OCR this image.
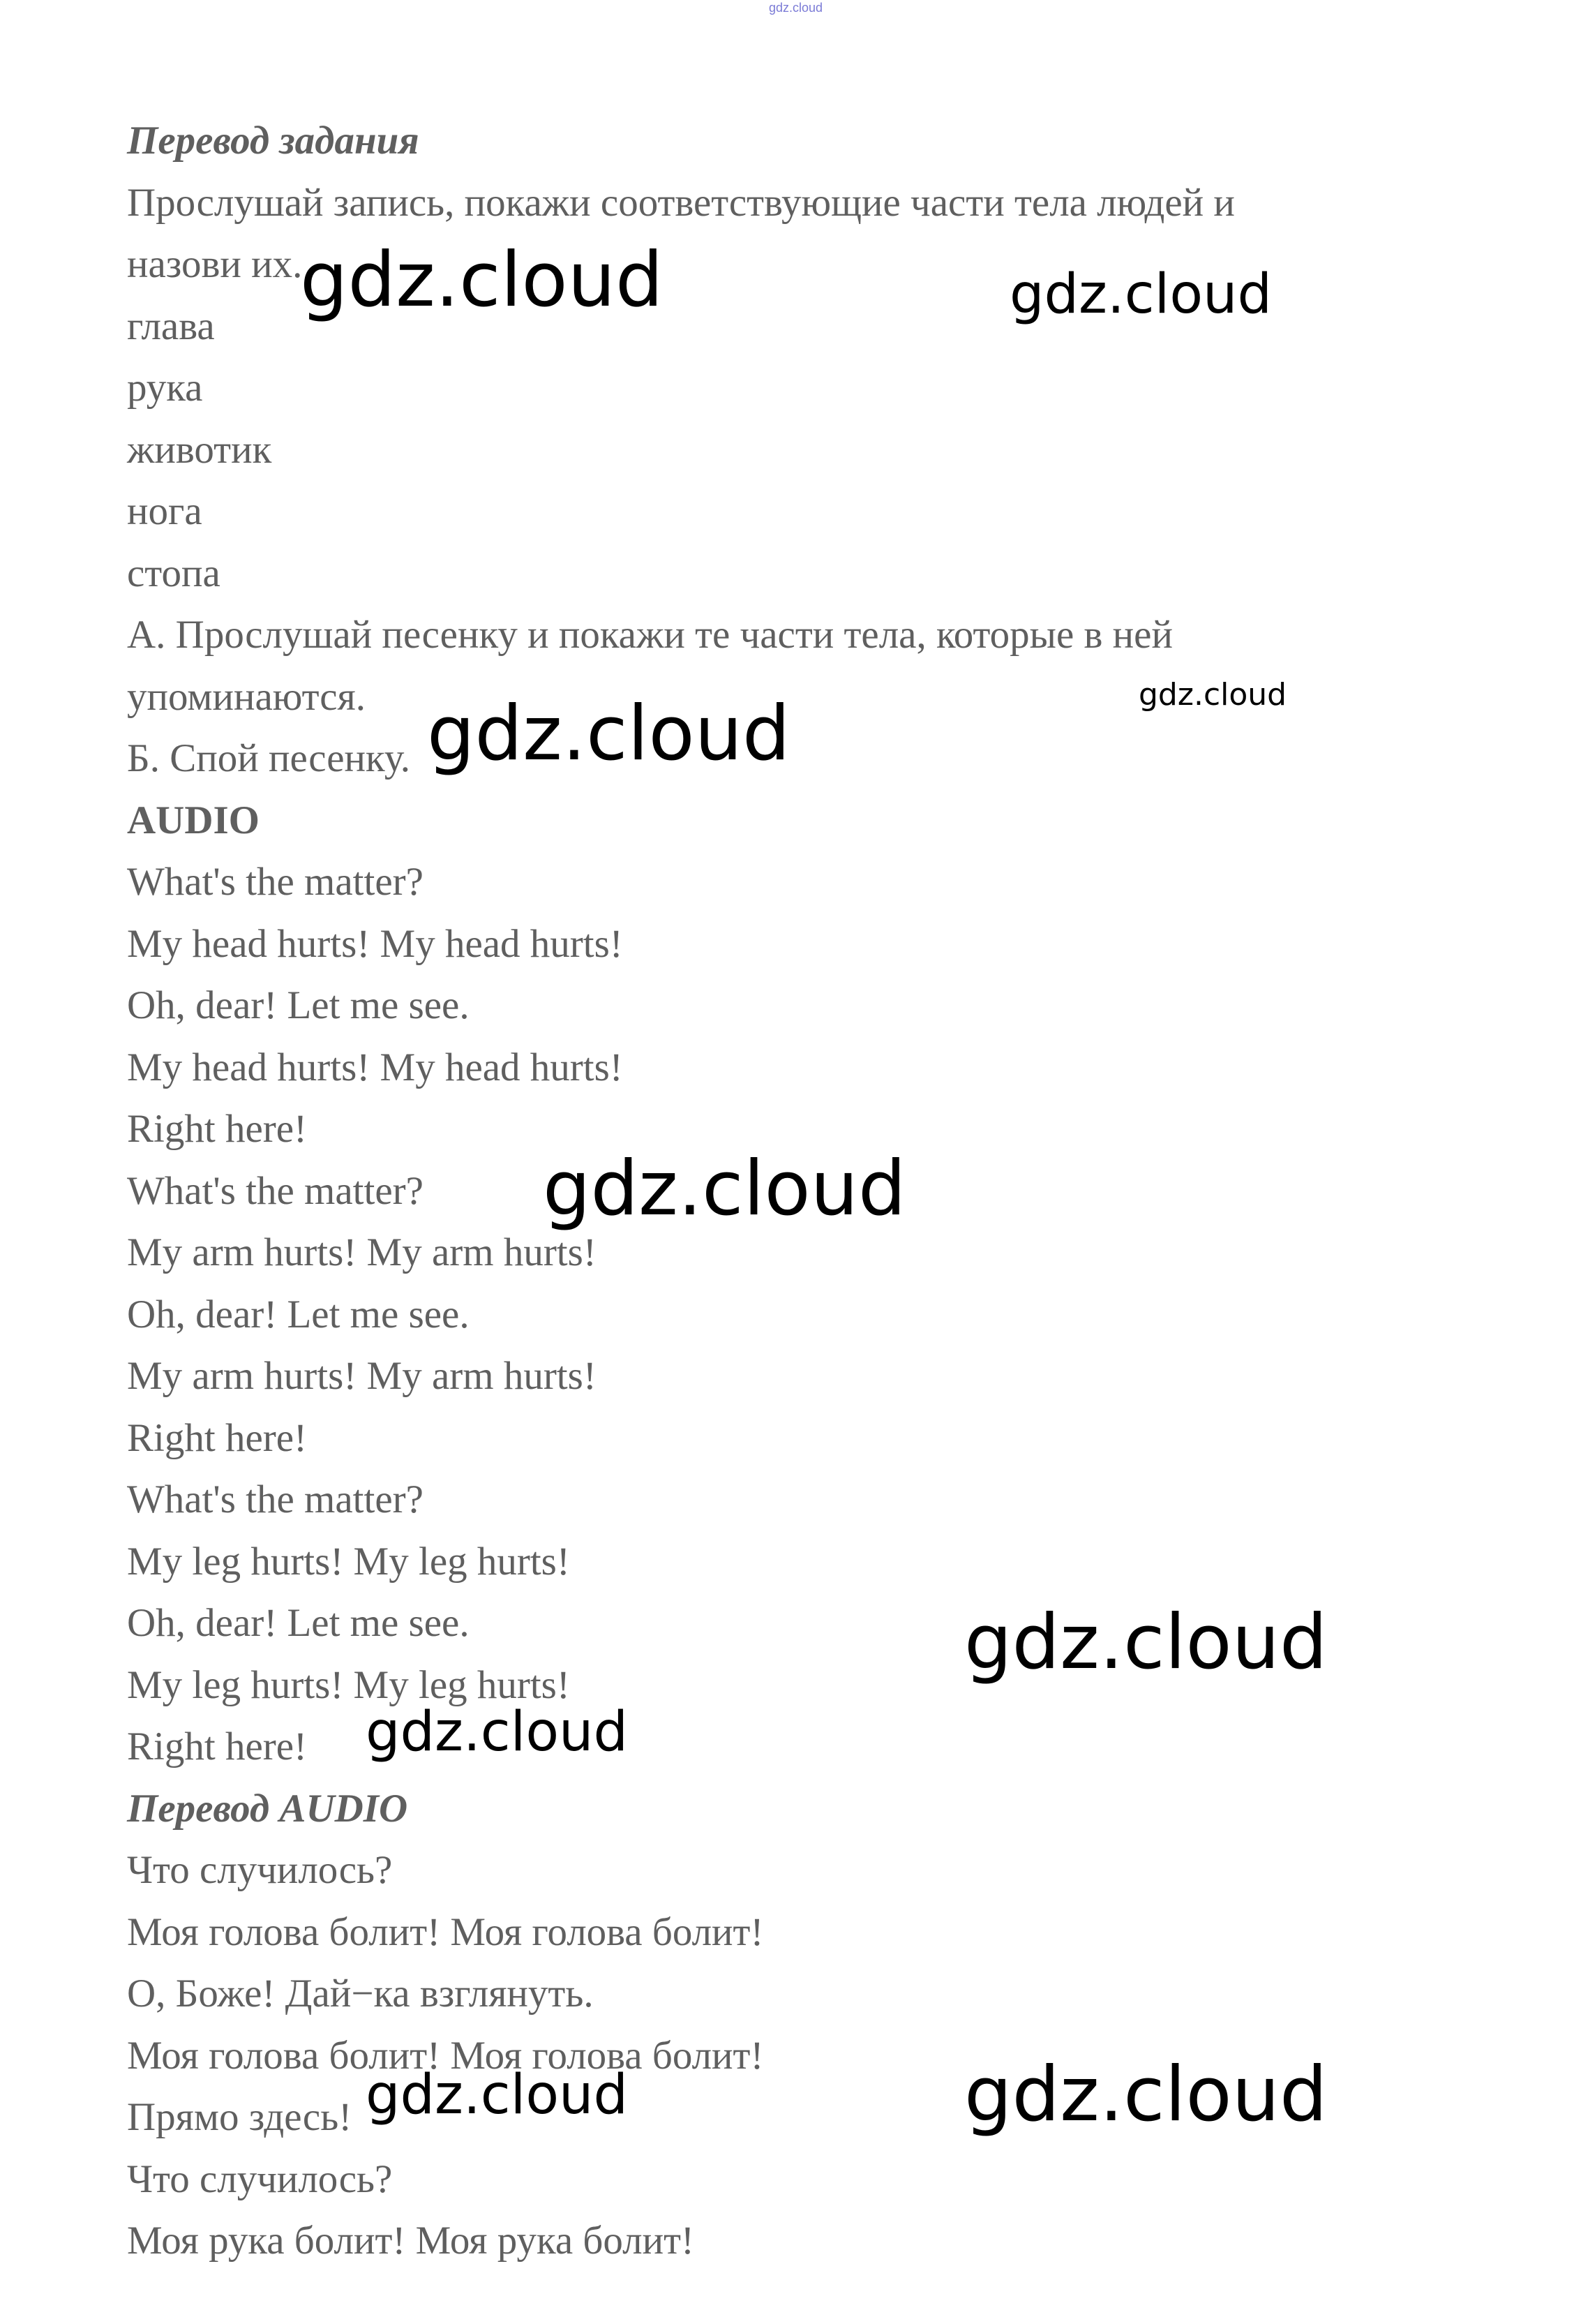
gdz.cloud
Перевод задания
Прослушай запись, покажи соответствующие части тела людей и
назови их.
глава
рука
животик
нога
стопа
А. Прослушай песенку и покажи те части тела, которые в ней
упоминаются.
Б. Спой песенку.
AUDIO
What's the matter?
My head hurts! My head hurts!
Oh, dear! Let me see.
My head hurts! My head hurts!
Right here!
What's the matter?
My arm hurts! My arm hurts!
Oh, dear! Let me see.
My arm hurts! My arm hurts!
Right here!
What's the matter?
My leg hurts! My leg hurts!
Oh, dear! Let me see.
My leg hurts! My leg hurts!
Right here!
Перевод AUDIO
Что случилось?
Моя голова болит! Моя голова болит!
О, Боже! Дай−ка взглянуть.
Моя голова болит! Моя голова болит!
Прямо здесь!
Что случилось?
Моя рука болит! Моя рука болит!
gdz.cloud	gdz.cloud
gdz.cloud
gdz.cloud
gdz.cloud
gdz.cloud
gdz.cloud
gdz.cloud	gdz.cloud
